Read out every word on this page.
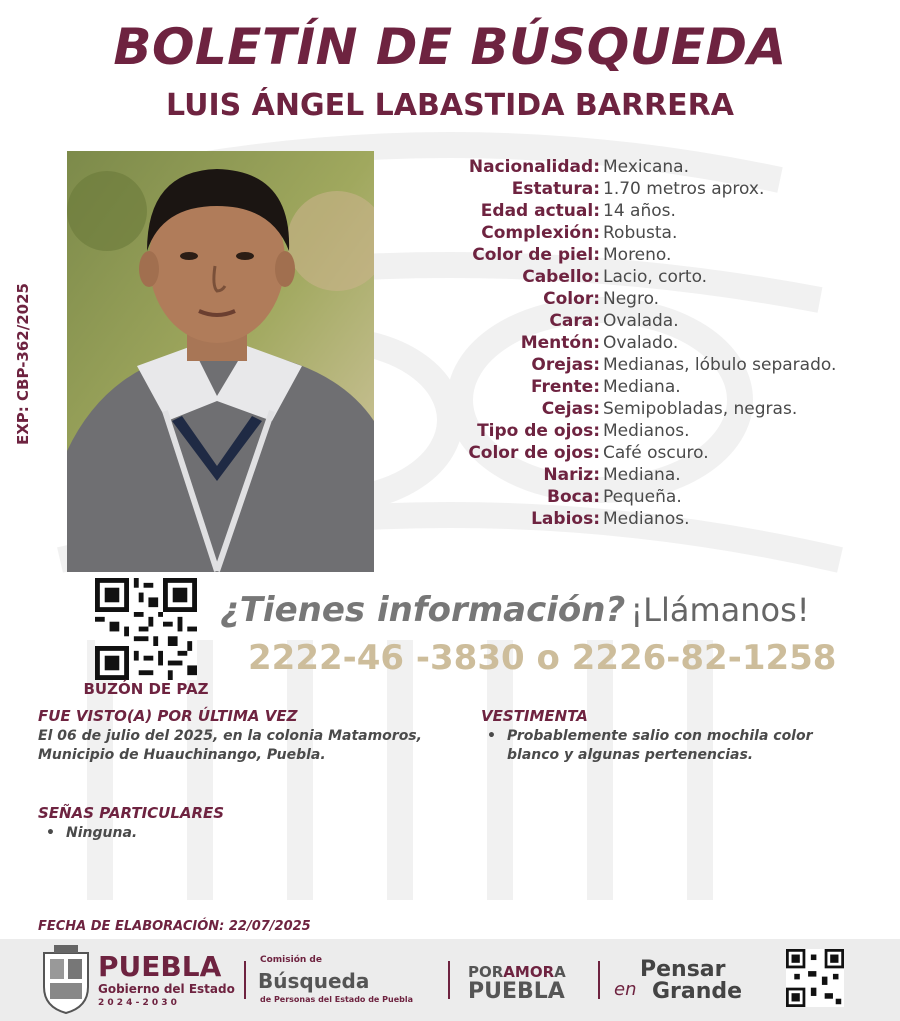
BOLETÍN DE BÚSQUEDA
LUIS ÁNGEL LABASTIDA BARRERA
EXP: CBP-362/2025
Nacionalidad: Mexicana.
Estatura: 1.70 metros aprox.
Edad actual: 14 años.
Complexión: Robusta.
Color de piel: Moreno.
Cabello: Lacio, corto.
Color: Negro.
Cara: Ovalada.
Mentón: Ovalado.
Orejas: Medianas, lóbulo separado.
Frente: Mediana.
Cejas: Semipobladas, negras.
Tipo de ojos: Medianos.
Color de ojos: Café oscuro.
Nariz: Mediana.
Boca: Pequeña.
Labios: Medianos.
BUZÓN DE PAZ
¿Tienes información? ¡Llámanos!
2222-46 -3830 o 2226-82-1258
FUE VISTO(A) POR ÚLTIMA VEZ
El 06 de julio del 2025, en la colonia Matamoros,
Municipio de Huauchinango, Puebla.
VESTIMENTA
• Probablemente salio con mochila color
blanco y algunas pertenencias.
SEÑAS PARTICULARES
• Ninguna.
FECHA DE ELABORACIÓN: 22/07/2025
PUEBLA
Gobierno del Estado
2 0 2 4 - 2 0 3 0
Comisión de
Búsqueda
de Personas del Estado de Puebla
PORAMORA
PUEBLA
Pensar
en Grande
